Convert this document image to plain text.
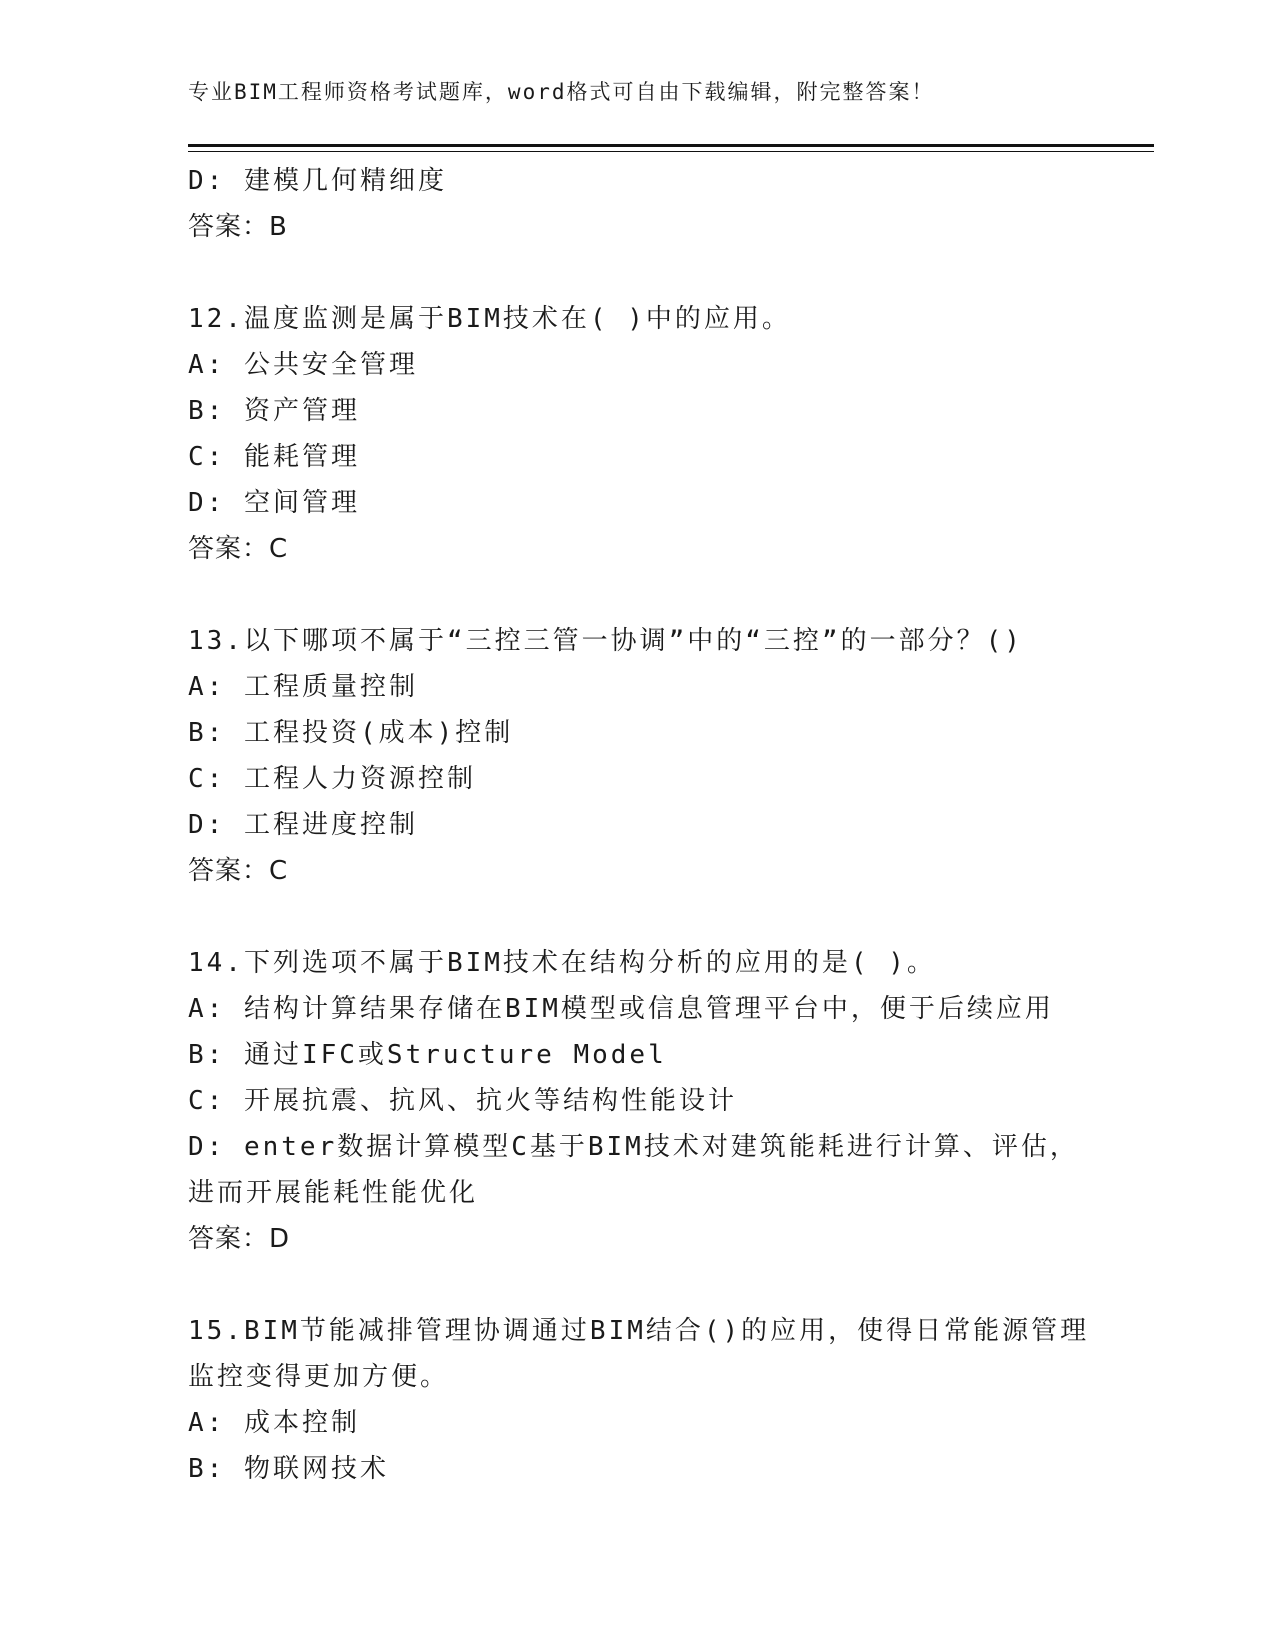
专业BIM工程师资格考试题库，word格式可自由下载编辑，附完整答案！
D: 建模几何精细度
答案：B
12.温度监测是属于BIM技术在( )中的应用。
A: 公共安全管理
B: 资产管理
C: 能耗管理
D: 空间管理
答案：C
13.以下哪项不属于“三控三管一协调”中的“三控”的一部分？()
A: 工程质量控制
B: 工程投资(成本)控制
C: 工程人力资源控制
D: 工程进度控制
答案：C
14.下列选项不属于BIM技术在结构分析的应用的是( )。
A: 结构计算结果存储在BIM模型或信息管理平台中，便于后续应用
B: 通过IFC或Structure Model
C: 开展抗震、抗风、抗火等结构性能设计
D: enter数据计算模型C基于BIM技术对建筑能耗进行计算、评估，
进而开展能耗性能优化
答案：D
15.BIM节能减排管理协调通过BIM结合()的应用，使得日常能源管理
监控变得更加方便。
A: 成本控制
B: 物联网技术
